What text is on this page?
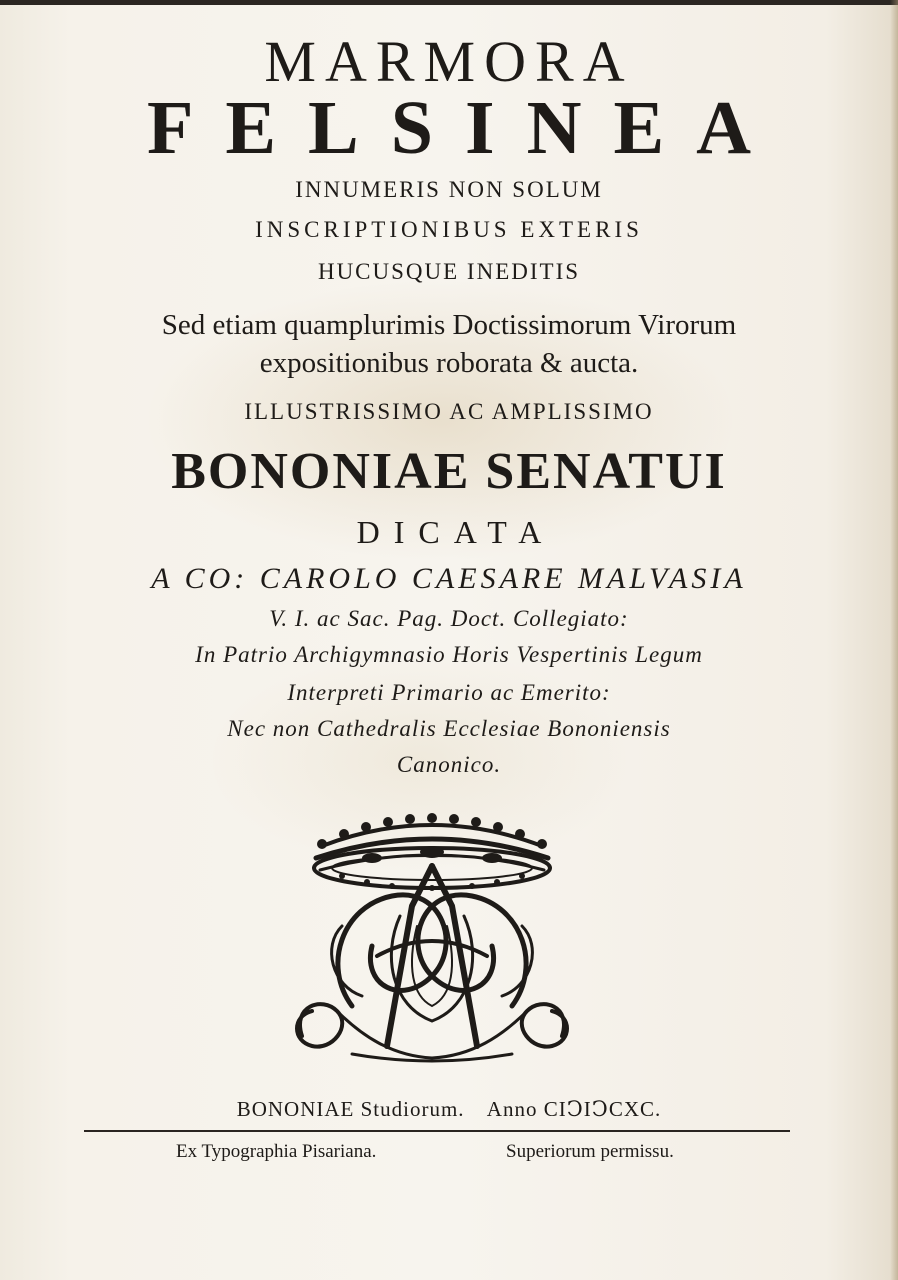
MARMORA
FELSINEA
INNUMERIS NON SOLUM
INSCRIPTIONIBUS EXTERIS
HUCUSQUE INEDITIS
Sed etiam quamplurimis Doctissimorum Virorum
expositionibus roborata & aucta.
ILLUSTRISSIMO AC AMPLISSIMO
BONONIAE SENATUI
DICATA
A CO: CAROLO CAESARE MALVASIA
V. I. ac Sac. Pag. Doct. Collegiato:
In Patrio Archigymnasio Horis Vespertinis Legum
Interpreti Primario ac Emerito:
Nec non Cathedralis Ecclesiae Bononiensis
Canonico.
BONONIAE Studiorum. Anno CIↃIↃCXC.
Ex Typographia Pisariana.	Superiorum permissu.
